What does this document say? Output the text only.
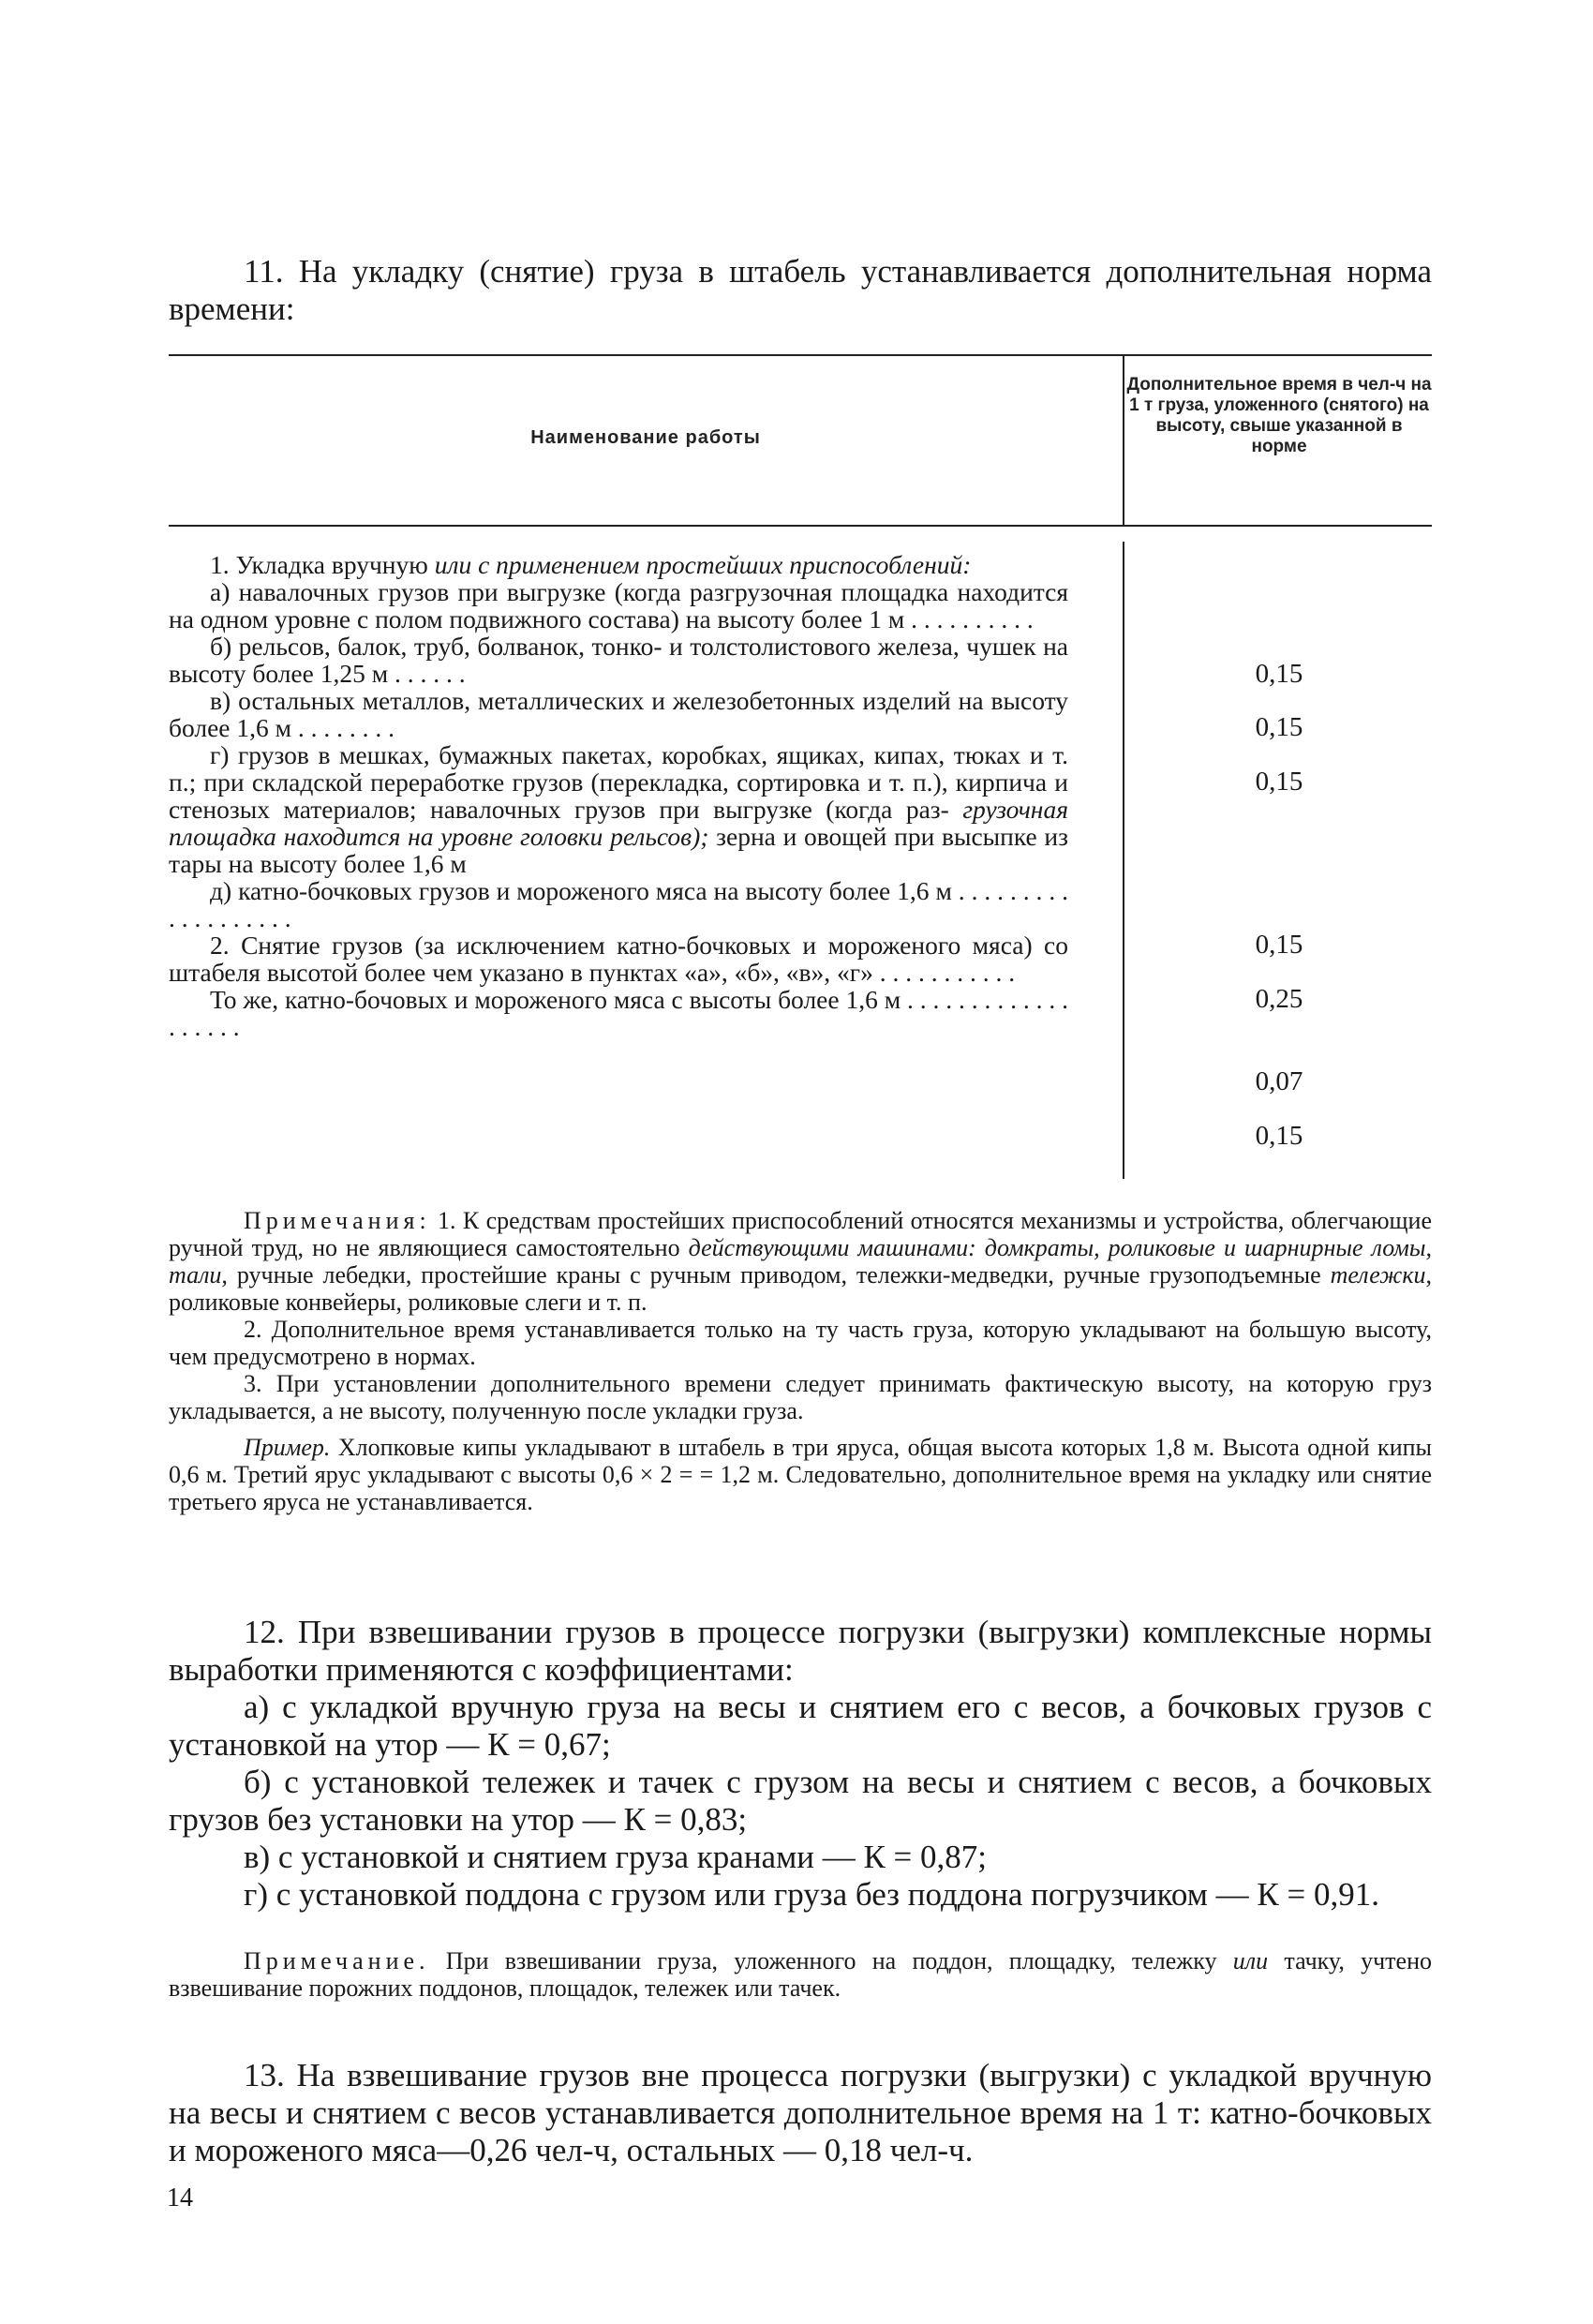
11. На укладку (снятие) груза в штабель устанавливается дополнительная норма времени:

Наименование работы
Дополнительное время в чел-ч на 1 т груза, уложенного (снятого) на высоту, свыше указанной в норме

1. Укладка вручную или с применением простейших приспособлений:

а) навалочных грузов при выгрузке (когда разгрузочная площадка находится на одном уровне с полом подвижного состава) на высоту более 1 м . . . . . . . . . .

б) рельсов, балок, труб, болванок, тонко- и толстолистового железа, чушек на высоту более 1,25 м . . . . . .

в) остальных металлов, металлических и железобетонных изделий на высоту более 1,6 м . . . . . . . .

г) грузов в мешках, бумажных пакетах, коробках, ящиках, кипах, тюках и т. п.; при складской переработке грузов (перекладка, сортировка и т. п.), кирпича и стенозых материалов; навалочных грузов при выгрузке (когда раз- грузочная площадка находится на уровне головки рельсов); зерна и овощей при высыпке из тары на высоту более 1,6 м

д) катно-бочковых грузов и мороженого мяса на высоту более 1,6 м . . . . . . . . . . . . . . . . . . .

2. Снятие грузов (за исключением катно-бочковых и мороженого мяса) со штабеля высотой более чем указано в пунктах «а», «б», «в», «г» . . . . . . . . . . .

То же, катно-бочовых и мороженого мяса с высоты более 1,6 м . . . . . . . . . . . . . . . . . . .

0,15
0,15
0,15
0,15
0,25
0,07
0,15

Примечания: 1. К средствам простейших приспособлений относятся механизмы и устройства, облегчающие ручной труд, но не являющиеся самостоятельно действующими машинами: домкраты, роликовые и шарнирные ломы, тали, ручные лебедки, простейшие краны с ручным приводом, тележки-медведки, ручные грузоподъемные тележки, роликовые конвейеры, роликовые слеги и т. п.

2. Дополнительное время устанавливается только на ту часть груза, которую укладывают на большую высоту, чем предусмотрено в нормах.

3. При установлении дополнительного времени следует принимать фактическую высоту, на которую груз укладывается, а не высоту, полученную после укладки груза.

Пример. Хлопковые кипы укладывают в штабель в три яруса, общая высота которых 1,8 м. Высота одной кипы 0,6 м. Третий ярус укладывают с высоты 0,6 × 2 = = 1,2 м. Следовательно, дополнительное время на укладку или снятие третьего яруса не устанавливается.

12. При взвешивании грузов в процессе погрузки (выгрузки) комплексные нормы выработки применяются с коэффициентами:

а) с укладкой вручную груза на весы и снятием его с весов, а бочковых грузов с установкой на утор — К = 0,67;

б) с установкой тележек и тачек с грузом на весы и снятием с весов, а бочковых грузов без установки на утор — К = 0,83;

в) с установкой и снятием груза кранами — К = 0,87;

г) с установкой поддона с грузом или груза без поддона погрузчиком — К = 0,91.

Примечание. При взвешивании груза, уложенного на поддон, площадку, тележку или тачку, учтено взвешивание порожних поддонов, площадок, тележек или тачек.

13. На взвешивание грузов вне процесса погрузки (выгрузки) с укладкой вручную на весы и снятием с весов устанавливается дополнительное время на 1 т: катно-бочковых и мороженого мяса—0,26 чел-ч, остальных — 0,18 чел-ч.

14
